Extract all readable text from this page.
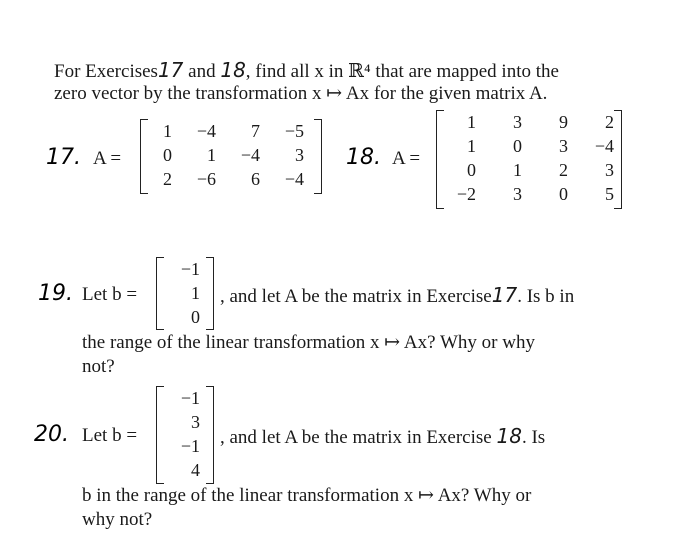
For Exercises17 and 18, find all x in ℝ⁴ that are mapped into the
zero vector by the transformation x ↦ Ax for the given matrix A.
17. A =
1	−4	7	−5
0	1	−4	3
2	−6	6	−4
18. A =
1	3	9	2
1	0	3	−4
0	1	2	3
−2	3	0	5
19. Let b =
−1
1
0
, and let A be the matrix in Exercise17. Is b in
the range of the linear transformation x ↦ Ax? Why or why
not?
20. Let b =
−1
3
−1
4
, and let A be the matrix in Exercise 18. Is
b in the range of the linear transformation x ↦ Ax? Why or
why not?
